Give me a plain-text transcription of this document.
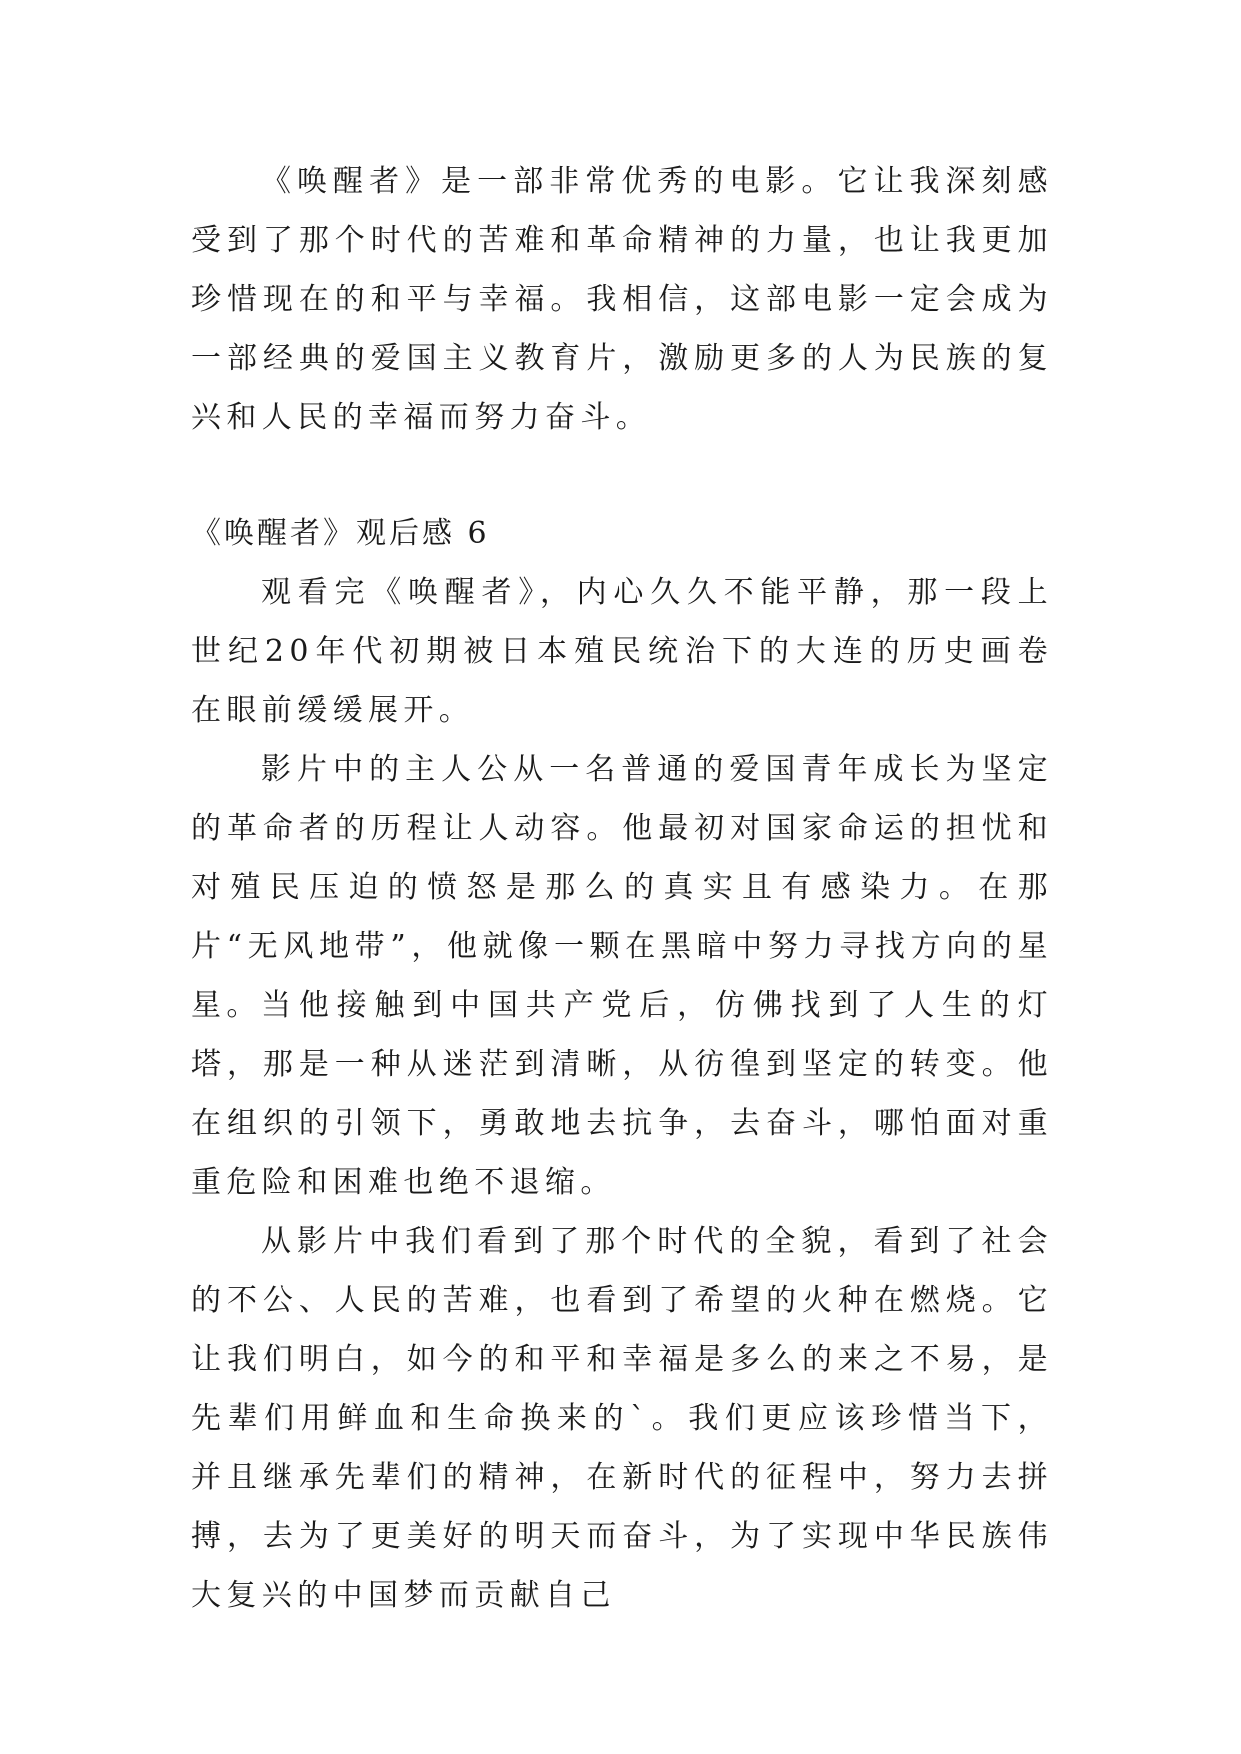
《唤醒者》是一部非常优秀的电影。它让我深刻感受到了那个时代的苦难和革命精神的力量，也让我更加珍惜现在的和平与幸福。我相信，这部电影一定会成为一部经典的爱国主义教育片，激励更多的人为民族的复兴和人民的幸福而努力奋斗。

《唤醒者》观后感 6

观看完《唤醒者》，内心久久不能平静，那一段上世纪20年代初期被日本殖民统治下的大连的历史画卷在眼前缓缓展开。

影片中的主人公从一名普通的爱国青年成长为坚定的革命者的历程让人动容。他最初对国家命运的担忧和对殖民压迫的愤怒是那么的真实且有感染力。在那片“无风地带”，他就像一颗在黑暗中努力寻找方向的星星。 当他接触到中国共产党后，仿佛找到了人生的灯塔，那是一种从迷茫到清晰，从彷徨到坚定的转变。他在组织的引领下，勇敢地去抗争，去奋斗，哪怕面对重重危险和困难也绝不退缩。

从影片中我们看到了那个时代的全貌，看到了社会的不公、人民的苦难，也看到了希望的火种在燃烧。它让我们明白，如今的和平和幸福是多么的来之不易，是先辈们用鲜血和生命换来的`。我们更应该珍惜当下，并且继承先辈们的精神，在新时代的征程中，努力去拼搏，去为了更美好的明天而奋斗，为了实现中华民族伟大复兴的中国梦而贡献自己
